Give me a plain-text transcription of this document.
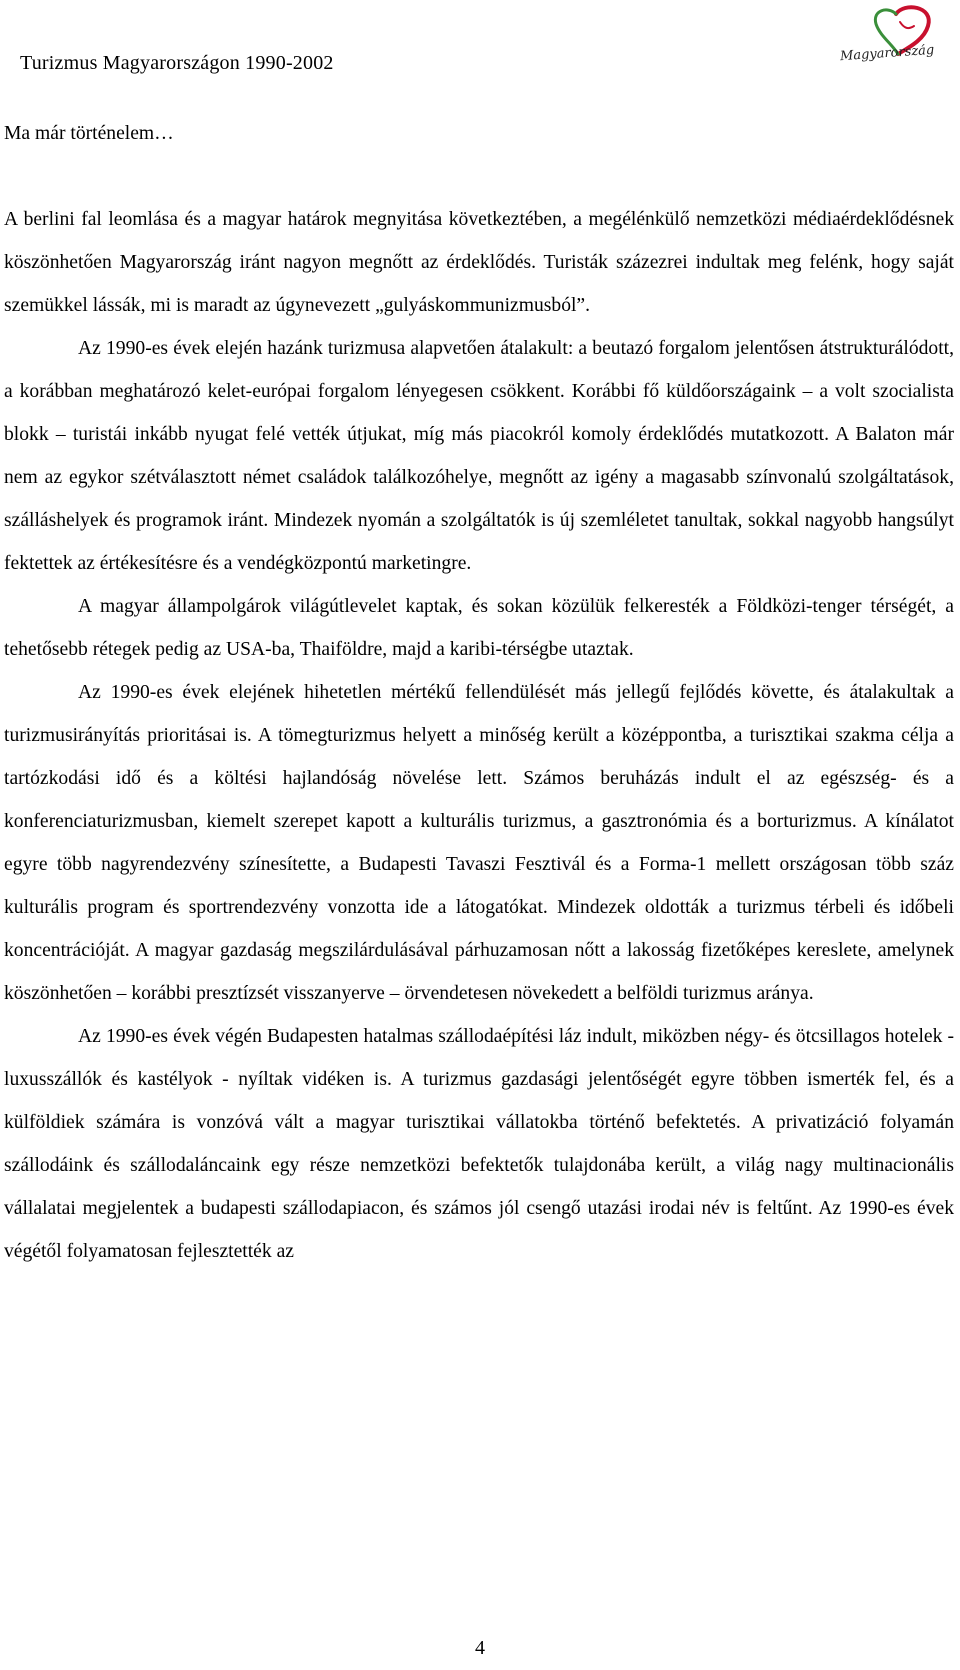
Turizmus Magyarországon 1990-2002	Magyarország

Ma már történelem…

A berlini fal leomlása és a magyar határok megnyitása következtében, a megélénkülő nemzetközi médiaérdeklődésnek köszönhetően Magyarország iránt nagyon megnőtt az érdeklődés. Turisták százezrei indultak meg felénk, hogy saját szemükkel lássák, mi is maradt az úgynevezett „gulyáskommunizmusból”.

Az 1990-es évek elején hazánk turizmusa alapvetően átalakult: a beutazó forgalom jelentősen átstrukturálódott, a korábban meghatározó kelet-európai forgalom lényegesen csökkent. Korábbi fő küldőországaink – a volt szocialista blokk – turistái inkább nyugat felé vették útjukat, míg más piacokról komoly érdeklődés mutatkozott. A Balaton már nem az egykor szétválasztott német családok találkozóhelye, megnőtt az igény a magasabb színvonalú szolgáltatások, szálláshelyek és programok iránt. Mindezek nyomán a szolgáltatók is új szemléletet tanultak, sokkal nagyobb hangsúlyt fektettek az értékesítésre és a vendégközpontú marketingre.

A magyar állampolgárok világútlevelet kaptak, és sokan közülük felkeresték a Földközi-tenger térségét, a tehetősebb rétegek pedig az USA-ba, Thaiföldre, majd a karibi-térségbe utaztak.

Az 1990-es évek elejének hihetetlen mértékű fellendülését más jellegű fejlődés követte, és átalakultak a turizmusirányítás prioritásai is. A tömegturizmus helyett a minőség került a középpontba, a turisztikai szakma célja a tartózkodási idő és a költési hajlandóság növelése lett. Számos beruházás indult el az egészség- és a konferenciaturizmusban, kiemelt szerepet kapott a kulturális turizmus, a gasztronómia és a borturizmus. A kínálatot egyre több nagyrendezvény színesítette, a Budapesti Tavaszi Fesztivál és a Forma-1 mellett országosan több száz kulturális program és sportrendezvény vonzotta ide a látogatókat. Mindezek oldották a turizmus térbeli és időbeli koncentrációját. A magyar gazdaság megszilárdulásával párhuzamosan nőtt a lakosság fizetőképes kereslete, amelynek köszönhetően – korábbi presztízsét visszanyerve – örvendetesen növekedett a belföldi turizmus aránya.

Az 1990-es évek végén Budapesten hatalmas szállodaépítési láz indult, miközben négy- és ötcsillagos hotelek - luxusszállók és kastélyok - nyíltak vidéken is. A turizmus gazdasági jelentőségét egyre többen ismerték fel, és a külföldiek számára is vonzóvá vált a magyar turisztikai vállatokba történő befektetés. A privatizáció folyamán szállodáink és szállodaláncaink egy része nemzetközi befektetők tulajdonába került, a világ nagy multinacionális vállalatai megjelentek a budapesti szállodapiacon, és számos jól csengő utazási irodai név is feltűnt. Az 1990-es évek végétől folyamatosan fejlesztették az

4
